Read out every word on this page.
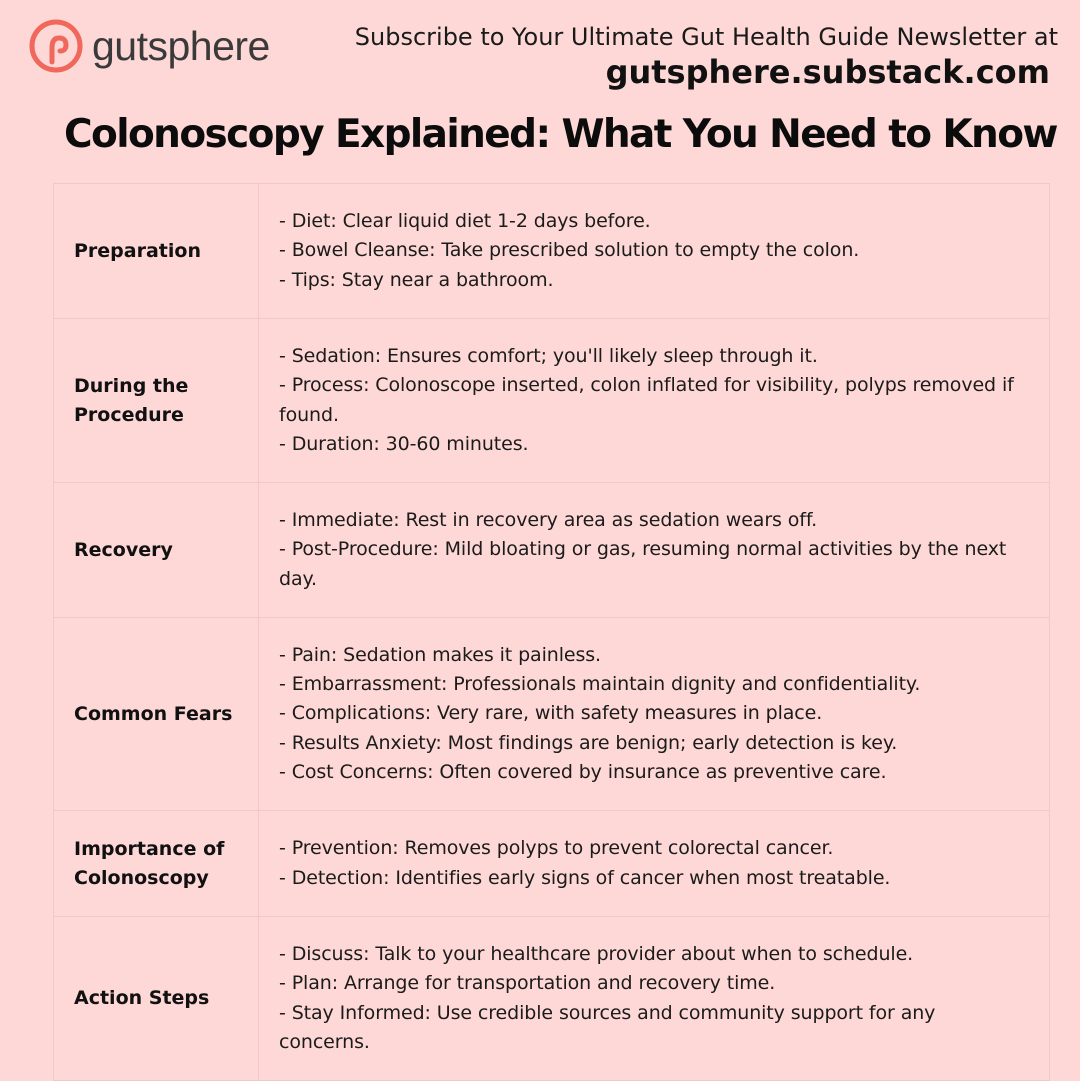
gutsphere	Subscribe to Your Ultimate Gut Health Guide Newsletter at
gutsphere.substack.com
Colonoscopy Explained: What You Need to Know
Preparation	- Diet: Clear liquid diet 1-2 days before.
- Bowel Cleanse: Take prescribed solution to empty the colon.
- Tips: Stay near a bathroom.

During the Procedure	- Sedation: Ensures comfort; you'll likely sleep through it.
- Process: Colonoscope inserted, colon inflated for visibility, polyps removed if found.
- Duration: 30-60 minutes.

Recovery	- Immediate: Rest in recovery area as sedation wears off.
- Post-Procedure: Mild bloating or gas, resuming normal activities by the next day.

Common Fears	- Pain: Sedation makes it painless.
- Embarrassment: Professionals maintain dignity and confidentiality.
- Complications: Very rare, with safety measures in place.
- Results Anxiety: Most findings are benign; early detection is key.
- Cost Concerns: Often covered by insurance as preventive care.

Importance of Colonoscopy	- Prevention: Removes polyps to prevent colorectal cancer.
- Detection: Identifies early signs of cancer when most treatable.

Action Steps	- Discuss: Talk to your healthcare provider about when to schedule.
- Plan: Arrange for transportation and recovery time.
- Stay Informed: Use credible sources and community support for any concerns.
